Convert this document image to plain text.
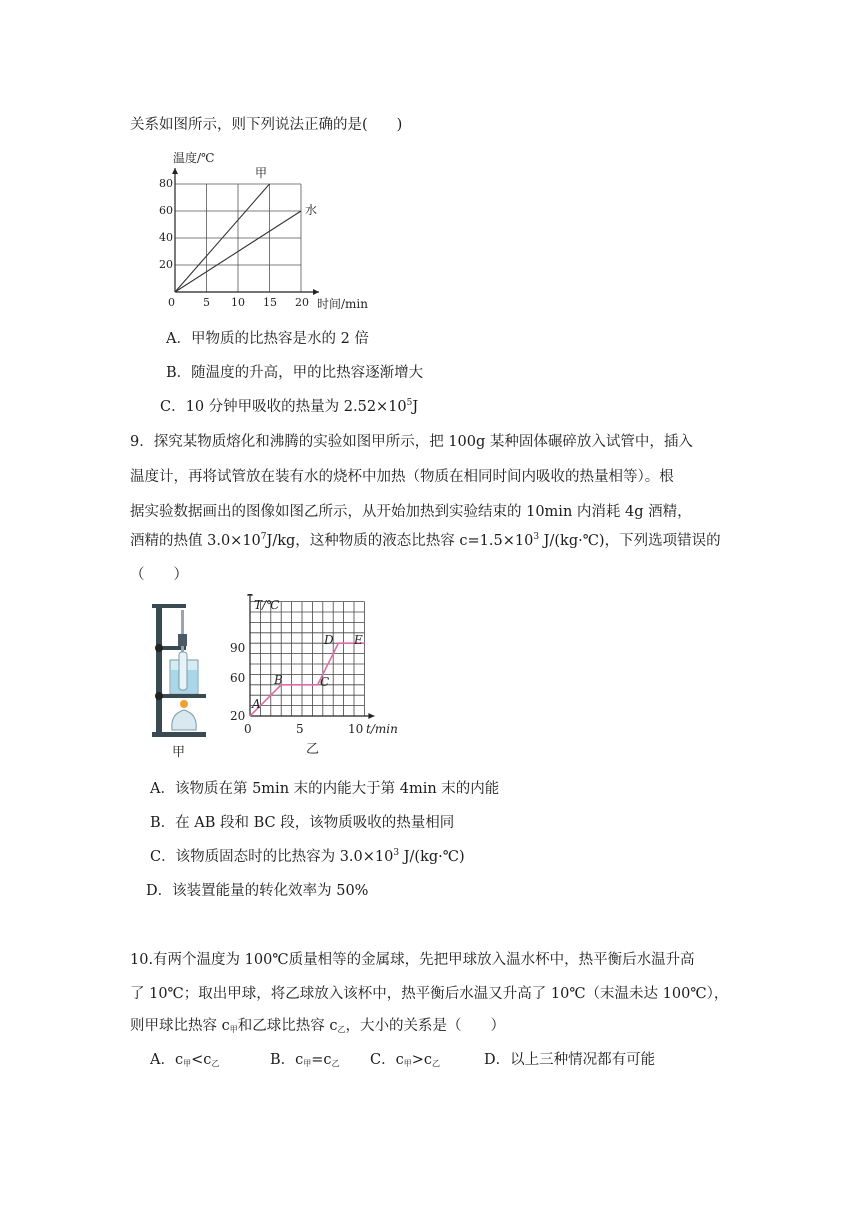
关系如图所示，则下列说法正确的是(　　)
温度/℃
时间/min
0
20
40
60
80
5 10 15 20
甲
水
A．甲物质的比热容是水的 2 倍
B．随温度的升高，甲的比热容逐渐增大
C．10 分钟甲吸收的热量为 $2.52\times 10^5J$
9．探究某物质熔化和沸腾的实验如图甲所示，把 100g 某种固体碾碎放入试管中，插入
温度计，再将试管放在装有水的烧杯中加热（物质在相同时间内吸收的热量相等）。根
据实验数据画出的图像如图乙所示，从开始加热到实验结束的 10min 内消耗 4g 酒精，
酒精的热值 $3.0\times 10^7J/kg$，这种物质的液态比热容 $c=1.5\times 10^3$ J/(kg·℃)，下列选项错误的
（　　）
甲
T/℃
t/min
20
60
90
0	5	10
A
B	C
D E
乙
A．该物质在第 5min 末的内能大于第 4min 末的内能
B．在 AB 段和 BC 段，该物质吸收的热量相同
C．该物质固态时的比热容为 $3.0\times 10^3$ J/(kg·℃)
D．该装置能量的转化效率为 50%
10.有两个温度为 100℃质量相等的金属球，先把甲球放入温水杯中，热平衡后水温升高
了 10℃；取出甲球，将乙球放入该杯中，热平衡后水温又升高了 10℃（末温未达 100℃），
则甲球比热容 $c_甲$和乙球比热容 $c_乙$，大小的关系是（　　）
A．$c_甲<c_乙$	B．$c_甲=c_乙$ C．$c_甲>c_乙$	D．以上三种情况都有可能
